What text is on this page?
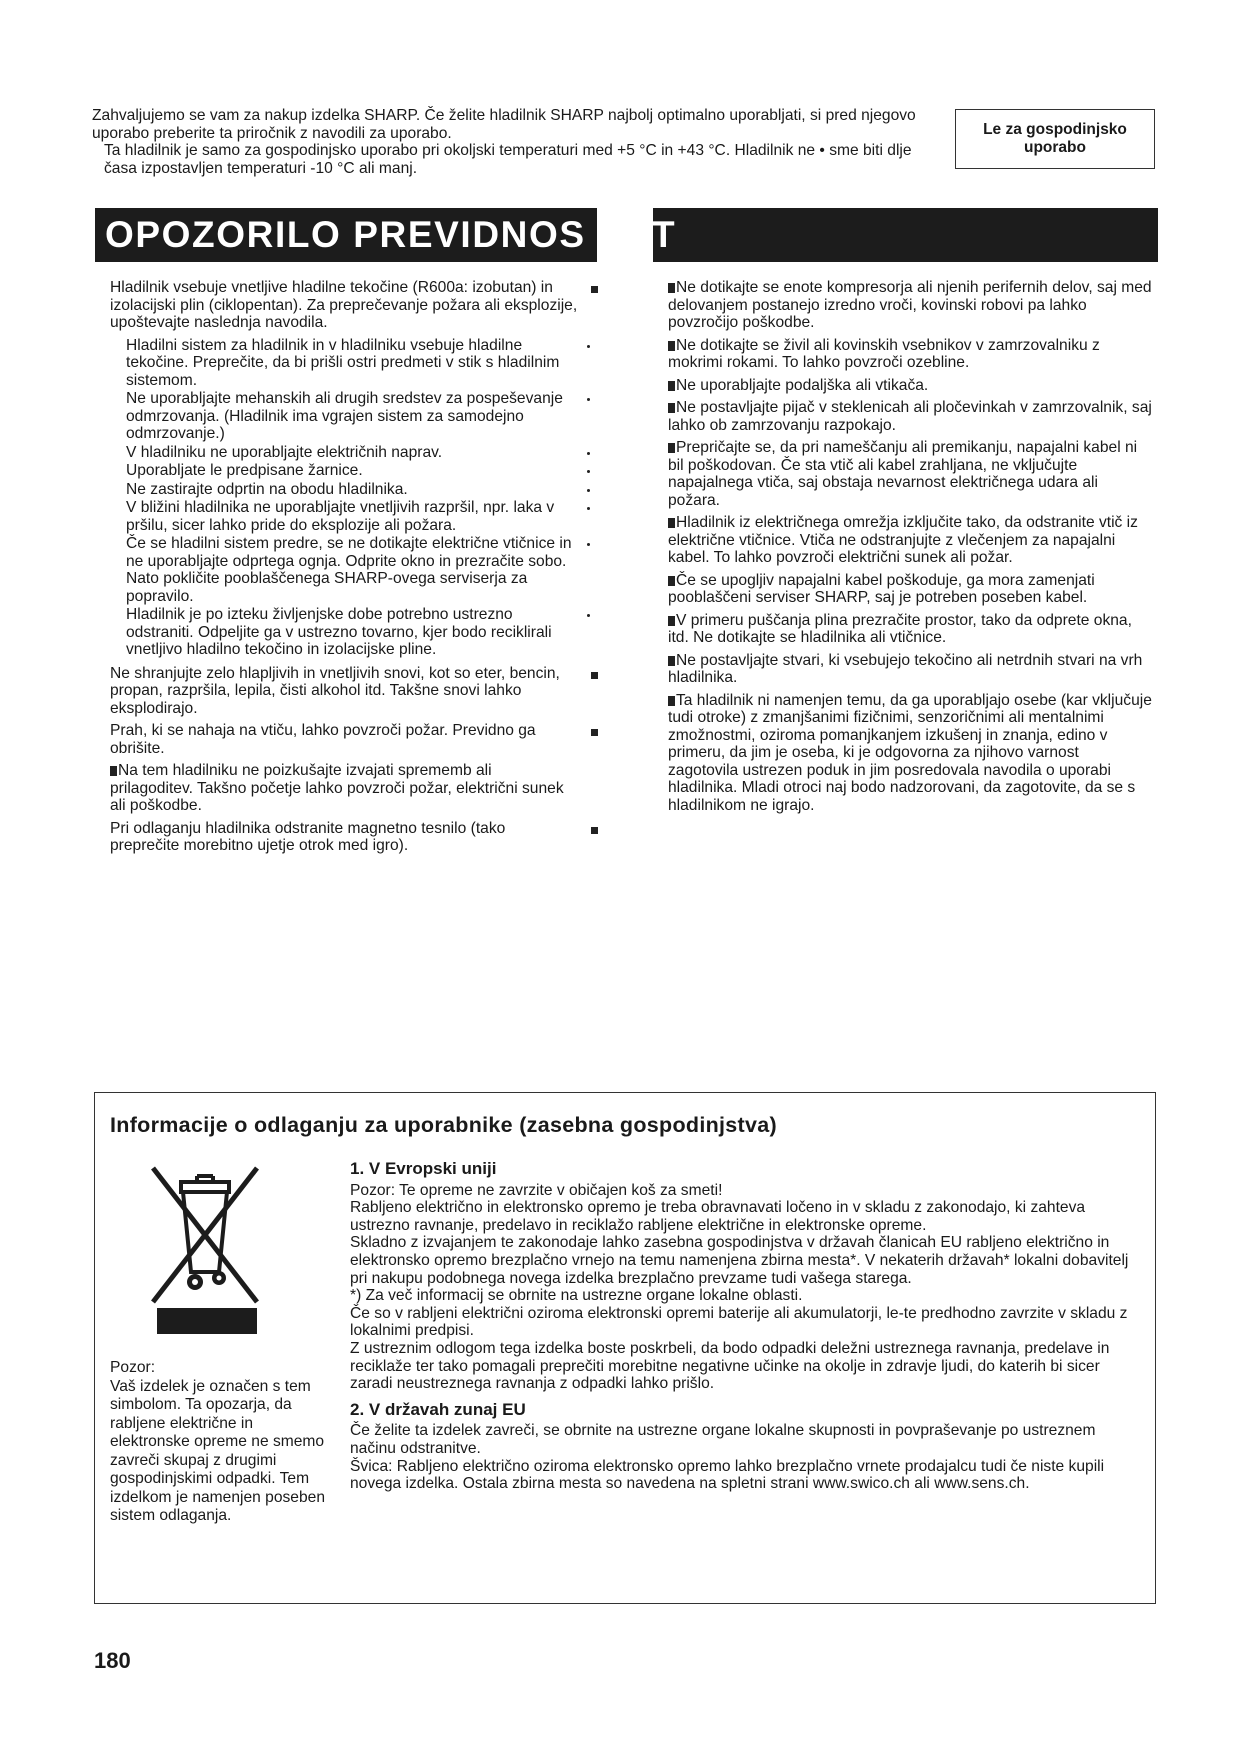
Zahvaljujemo se vam za nakup izdelka SHARP. Če želite hladilnik SHARP najbolj optimalno uporabljati, si pred njegovo uporabo preberite ta priročnik z navodili za uporabo.

Ta hladilnik je samo za gospodinjsko uporabo pri okoljski temperaturi med +5 °C in +43 °C. Hladilnik ne • sme biti dlje časa izpostavljen temperaturi -10 °C ali manj.

Le za gospodinjsko uporabo
OPOZORILO PREVIDNOS	T

Hladilnik vsebuje vnetljive hladilne tekočine (R600a: izobutan) in izolacijski plin (ciklopentan). Za preprečevanje požara ali eksplozije, upoštevajte naslednja navodila.

Hladilni sistem za hladilnik in v hladilniku vsebuje hladilne tekočine. Preprečite, da bi prišli ostri predmeti v stik s hladilnim sistemom.

Ne uporabljajte mehanskih ali drugih sredstev za pospeševanje odmrzovanja. (Hladilnik ima vgrajen sistem za samodejno odmrzovanje.)

V hladilniku ne uporabljajte električnih naprav.

Uporabljate le predpisane žarnice.

Ne zastirajte odprtin na obodu hladilnika.

V bližini hladilnika ne uporabljajte vnetljivih razpršil, npr. laka v pršilu, sicer lahko pride do eksplozije ali požara.

Če se hladilni sistem predre, se ne dotikajte električne vtičnice in ne uporabljajte odprtega ognja. Odprite okno in prezračite sobo. Nato pokličite pooblaščenega SHARP-ovega serviserja za popravilo.

Hladilnik je po izteku življenjske dobe potrebno ustrezno odstraniti. Odpeljite ga v ustrezno tovarno, kjer bodo reciklirali vnetljivo hladilno tekočino in izolacijske pline.

Ne shranjujte zelo hlapljivih in vnetljivih snovi, kot so eter, bencin, propan, razpršila, lepila, čisti alkohol itd. Takšne snovi lahko eksplodirajo.

Prah, ki se nahaja na vtiču, lahko povzroči požar. Previdno ga obrišite.

Na tem hladilniku ne poizkušajte izvajati sprememb ali prilagoditev. Takšno početje lahko povzroči požar, električni sunek ali poškodbe.

Pri odlaganju hladilnika odstranite magnetno tesnilo (tako preprečite morebitno ujetje otrok med igro).

Ne dotikajte se enote kompresorja ali njenih perifernih delov, saj med delovanjem postanejo izredno vroči, kovinski robovi pa lahko povzročijo poškodbe.

Ne dotikajte se živil ali kovinskih vsebnikov v zamrzovalniku z mokrimi rokami. To lahko povzroči ozebline.

Ne uporabljajte podaljška ali vtikača.

Ne postavljajte pijač v steklenicah ali pločevinkah v zamrzovalnik, saj lahko ob zamrzovanju razpokajo.

Prepričajte se, da pri nameščanju ali premikanju, napajalni kabel ni bil poškodovan. Če sta vtič ali kabel zrahljana, ne vključujte napajalnega vtiča, saj obstaja nevarnost električnega udara ali požara.

Hladilnik iz električnega omrežja izključite tako, da odstranite vtič iz električne vtičnice. Vtiča ne odstranjujte z vlečenjem za napajalni kabel. To lahko povzroči električni sunek ali požar.

Če se upogljiv napajalni kabel poškoduje, ga mora zamenjati pooblaščeni serviser SHARP, saj je potreben poseben kabel.

V primeru puščanja plina prezračite prostor, tako da odprete okna, itd. Ne dotikajte se hladilnika ali vtičnice.

Ne postavljajte stvari, ki vsebujejo tekočino ali netrdnih stvari na vrh hladilnika.

Ta hladilnik ni namenjen temu, da ga uporabljajo osebe (kar vključuje tudi otroke) z zmanjšanimi fizičnimi, senzoričnimi ali mentalnimi zmožnostmi, oziroma pomanjkanjem izkušenj in znanja, edino v primeru, da jim je oseba, ki je odgovorna za njihovo varnost zagotovila ustrezen poduk in jim posredovala navodila o uporabi hladilnika. Mladi otroci naj bodo nadzorovani, da zagotovite, da se s hladilnikom ne igrajo.

Informacije o odlaganju za uporabnike (zasebna gospodinjstva)

Pozor:

Vaš izdelek je označen s tem simbolom. Ta opozarja, da rabljene električne in elektronske opreme ne smemo zavreči skupaj z drugimi gospodinjskimi odpadki. Tem izdelkom je namenjen poseben sistem odlaganja.

1. V Evropski uniji

Pozor: Te opreme ne zavrzite v običajen koš za smeti!

Rabljeno električno in elektronsko opremo je treba obravnavati ločeno in v skladu z zakonodajo, ki zahteva ustrezno ravnanje, predelavo in reciklažo rabljene električne in elektronske opreme.

Skladno z izvajanjem te zakonodaje lahko zasebna gospodinjstva v državah članicah EU rabljeno električno in elektronsko opremo brezplačno vrnejo na temu namenjena zbirna mesta*. V nekaterih državah* lokalni dobavitelj pri nakupu podobnega novega izdelka brezplačno prevzame tudi vašega starega.

*) Za več informacij se obrnite na ustrezne organe lokalne oblasti.

Če so v rabljeni električni oziroma elektronski opremi baterije ali akumulatorji, le-te predhodno zavrzite v skladu z lokalnimi predpisi.

Z ustreznim odlogom tega izdelka boste poskrbeli, da bodo odpadki deležni ustreznega ravnanja, predelave in reciklaže ter tako pomagali preprečiti morebitne negativne učinke na okolje in zdravje ljudi, do katerih bi sicer zaradi neustreznega ravnanja z odpadki lahko prišlo.

2. V državah zunaj EU

Če želite ta izdelek zavreči, se obrnite na ustrezne organe lokalne skupnosti in povpraševanje po ustreznem načinu odstranitve.

Švica: Rabljeno električno oziroma elektronsko opremo lahko brezplačno vrnete prodajalcu tudi če niste kupili novega izdelka. Ostala zbirna mesta so navedena na spletni strani www.swico.ch ali www.sens.ch.

180
